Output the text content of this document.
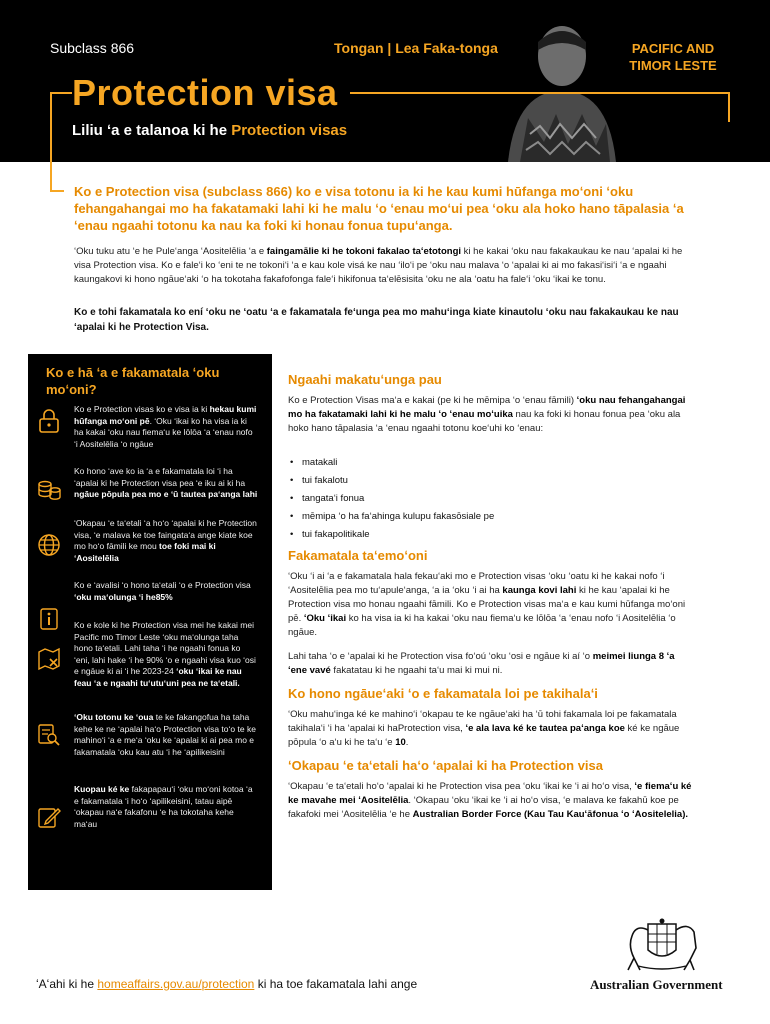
Subclass 866	Tongan | Lea Faka-tonga	PACIFIC AND TIMOR LESTE
Protection visa
Liliu ʻa e talanoa ki he Protection visas
Ko e Protection visa (subclass 866) ko e visa totonu ia ki he kau kumi hūfanga moʻoni ʻoku fehangahangai mo ha fakatamaki lahi ki he malu ʻo ʻenau moʻui pea ʻoku ala hoko hano tāpalasia ʻa ʻenau ngaahi totonu ka nau ka foki ki honau fonua tupuʻanga.
ʻOku tuku atu ʻe he Puleʻanga ʻAositelēlia ʻa e faingamālie ki he tokoni fakalao taʻetotongi ki he kakai ʻoku nau fakakaukau ke nau ʻapalai ki he visa Protection visa. Ko e faleʻi ko ʻeni te ne tokoniʻi ʻa e kau kole visá ke nau ʻiloʻi pe ʻoku nau malava ʻo ʻapalai ki ai mo fakasiʻisiʻi ʻa e ngaahi kaungakovi ki hono ngāueʻaki ʻo ha tokotaha fakafofonga faleʻi hikifonua taʻelēsisita ʻoku ne ala ʻoatu ha faleʻi ʻoku ʻikai ke tonu.
Ko e tohi fakamatala ko ení ʻoku ne ʻoatu ʻa e fakamatala feʻunga pea mo mahuʻinga kiate kinautolu ʻoku nau fakakaukau ke nau ʻapalai ki he Protection Visa.
Ko e hā ʻa e fakamatala ʻoku moʻoni?
Ko e Protection visas ko e visa ia ki hekau kumi hūfanga moʻoni pē. ʻOku ʻikai ko ha visa ia ki ha kakai ʻoku nau fiemaʻu ke lōlōa ʻa ʻenau nofo ʻi Aositelēlia ʻo ngāue
Ko hono ʻave ko ia ʻa e fakamatala loi ʻi ha ʻapalai ki he Protection visa pea ʻe iku ai ki ha ngāue pōpula pea mo e ʻū tautea paʻanga lahi
ʻOkapau ʻe taʻetali ʻa hoʻo ʻapalai ki he Protection visa, ʻe malava ke toe faingataʻa ange kiate koe mo hoʻo fāmili ke mou toe foki mai ki ʻAositelēlia
Ko e ʻavalisi ʻo hono taʻetali ʻo e Protection visa ʻoku maʻolunga ʻi he85%
Ko e kole ki he Protection visa mei he kakai mei Pacific mo Timor Leste ʻoku maʻolunga taha hono taʻetali. Lahi taha ʻi he ngaahi fonua ko ʻeni, lahi hake ʻi he 90% ʻo e ngaahi visa kuo ʻosi e ngāue ki ai ʻi he 2023-24 ʻoku ʻikai ke nau feau ʻa e ngaahi tuʻutuʻuni pea ne taʻetali.
ʻOku totonu ke ʻoua te ke fakangofua ha taha kehe ke ne ʻapalai haʻo Protection visa toʻo te ke mahinoʻi ʻa e meʻa ʻoku ke ʻapalai ki ai pea mo e fakamatala ʻoku kau atu ʻi he ʻapilikeisini
Kuopau ké ke fakapapauʻi ʻoku moʻoni kotoa ʻa e fakamatala ʻi hoʻo ʻapilikeisini, tatau aipē ʻokapau naʻe fakafonu ʻe ha tokotaha kehe maʻau
Ngaahi makatuʻunga pau
Ko e Protection Visas maʻa e kakai (pe ki he mēmipa ʻo ʻenau fāmili) ʻoku nau fehangahangai mo ha fakatamaki lahi ki he malu ʻo ʻenau moʻuika nau ka foki ki honau fonua pea ʻoku ala hoko hano tāpalasia ʻa ʻenau ngaahi totonu koeʻuhi ko ʻenau:
• matakali
• tui fakalotu
• tangataʻi fonua
• mēmipa ʻo ha faʻahinga kulupu fakasōsiale pe
• tui fakapolitikale
Fakamatala taʻemoʻoni
ʻOku ʻi ai ʻa e fakamatala hala fekauʻaki mo e Protection visas ʻoku ʻoatu ki he kakai nofo ʻi ʻAositelēlia pea mo tuʻapuleʻanga, ʻa ia ʻoku ʻi ai ha kaunga kovi lahi ki he kau ʻapalai ki he Protection visa mo honau ngaahi fāmili. Ko e Protection visas maʻa e kau kumi hūfanga moʻoni pē. ʻOku ʻikai ko ha visa ia ki ha kakai ʻoku nau fiemaʻu ke lōlōa ʻa ʻenau nofo ʻi Aositelēlia ʻo ngāue.
Lahi taha ʻo e ʻapalai ki he Protection visa foʻoú ʻoku ʻosi e ngāue ki aí ʻo meimei liunga 8 ʻa ʻene vavé fakatatau ki he ngaahi taʻu mai ki mui ni.
Ko hono ngāueʻaki ʻo e fakamatala loi pe takihalaʻi
ʻOku mahuʻinga ké ke mahinoʻi ʻokapau te ke ngāueʻaki ha ʻū tohi fakamala loi pe fakamatala takihalaʻi ʻi ha ʻapalai ki haProtection visa, ʻe ala lava ké ke tautea paʻanga koe ké ke ngāue pōpula ʻo aʻu ki he taʻu ʻe 10.
ʻOkapau ʻe taʻetali haʻo ʻapalai ki ha Protection visa
ʻOkapau ʻe taʻetali hoʻo ʻapalai ki he Protection visa pea ʻoku ʻikai ke ʻi ai hoʻo visa, ʻe fiemaʻu ké ke mavahe mei ʻAositelēlia. ʻOkapau ʻoku ʻikai ke ʻi ai hoʻo visa, ʻe malava ke fakahū koe pe fakafoki mei ʻAositelēlia ʻe he Australian Border Force (Kau Tau Kauʻāfonua ʻo ʻAositelelia).
ʻAʻahi ki he homeaffairs.gov.au/protection ki ha toe fakamatala lahi ange	Australian Government
